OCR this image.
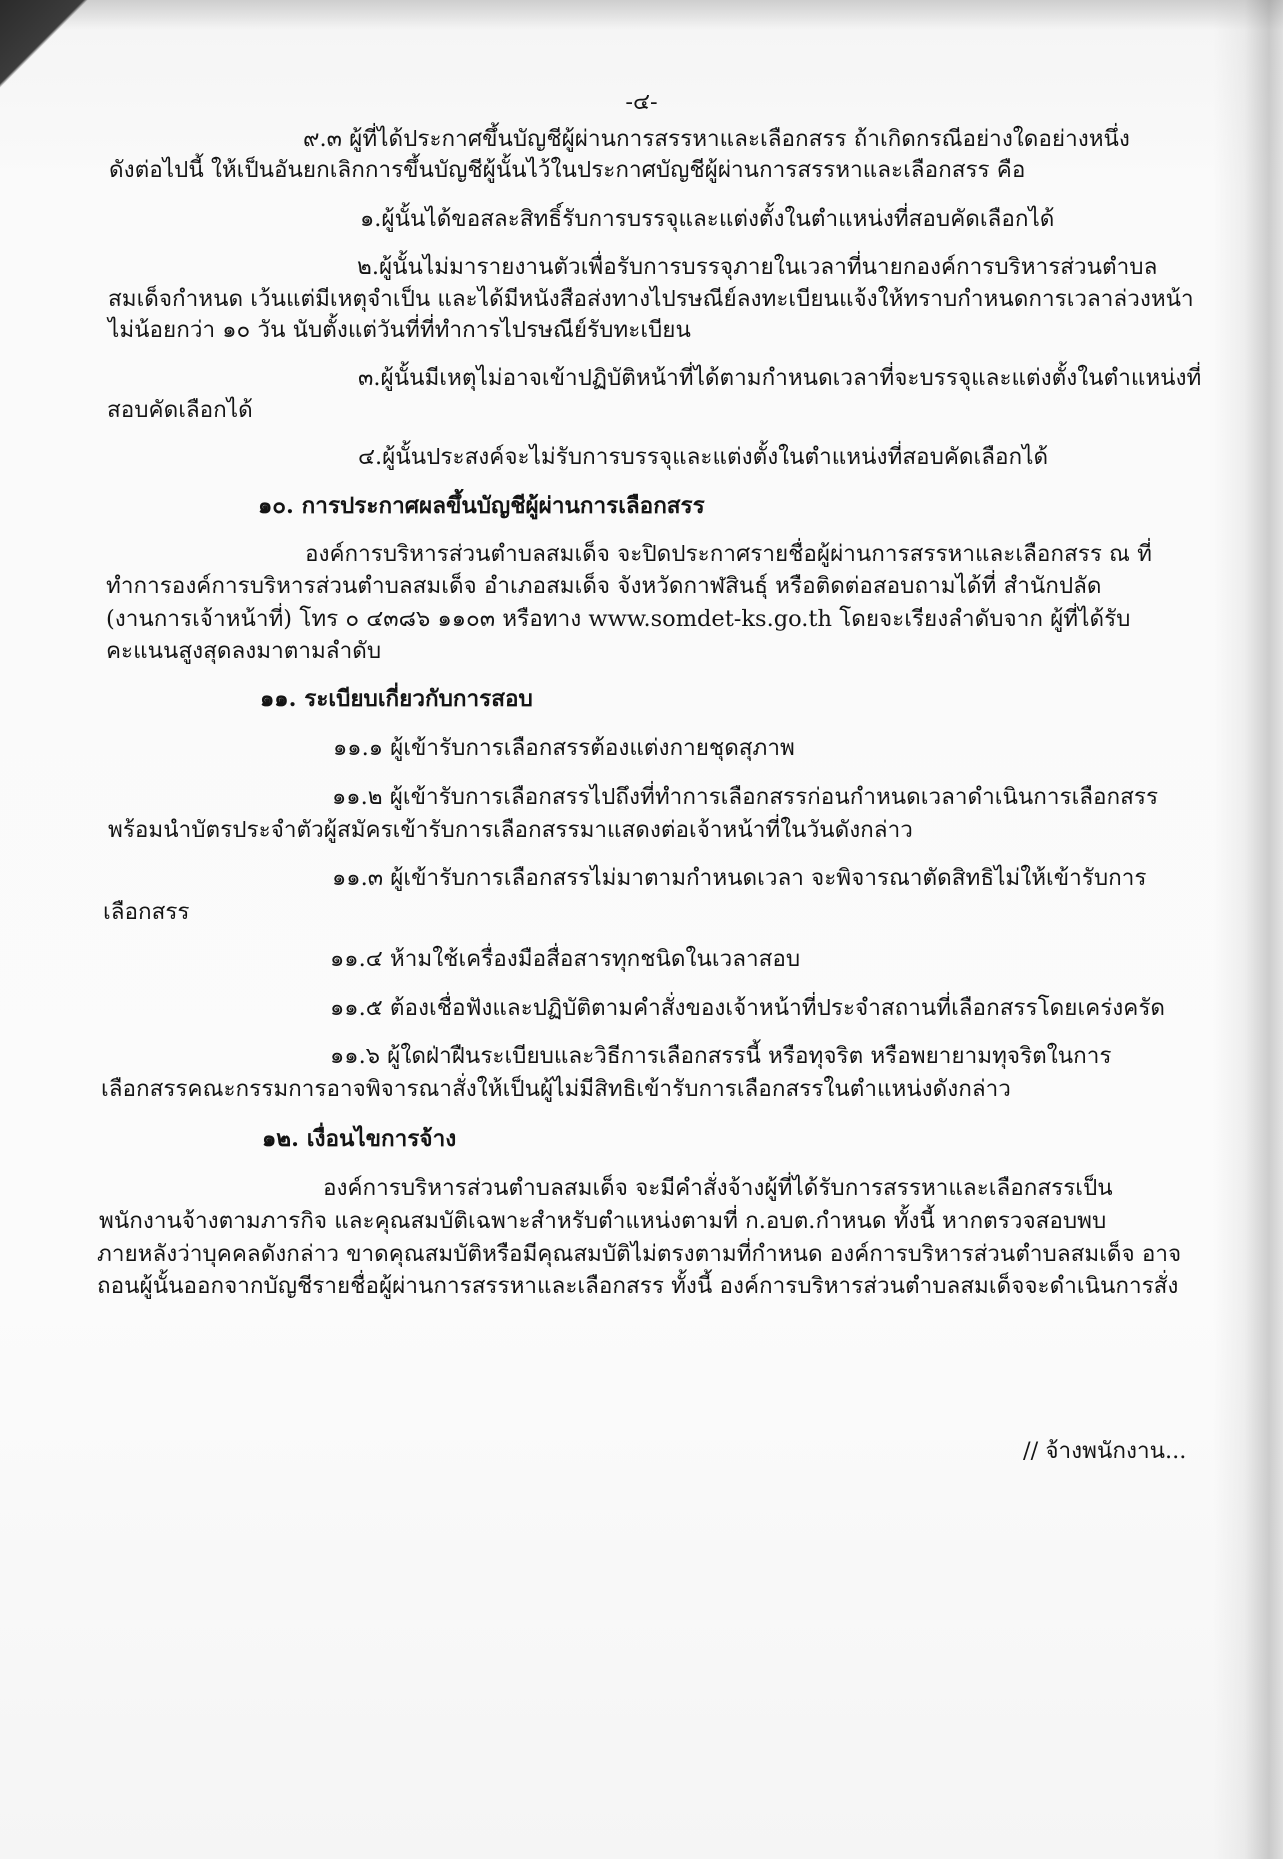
-๔-
๙.๓ ผู้ที่ได้ประกาศขึ้นบัญชีผู้ผ่านการสรรหาและเลือกสรร ถ้าเกิดกรณีอย่างใดอย่างหนึ่ง
ดังต่อไปนี้ ให้เป็นอันยกเลิกการขึ้นบัญชีผู้นั้นไว้ในประกาศบัญชีผู้ผ่านการสรรหาและเลือกสรร คือ
๑.ผู้นั้นได้ขอสละสิทธิ์รับการบรรจุและแต่งตั้งในตำแหน่งที่สอบคัดเลือกได้
๒.ผู้นั้นไม่มารายงานตัวเพื่อรับการบรรจุภายในเวลาที่นายกองค์การบริหารส่วนตำบล
สมเด็จกำหนด เว้นแต่มีเหตุจำเป็น และได้มีหนังสือส่งทางไปรษณีย์ลงทะเบียนแจ้งให้ทราบกำหนดการเวลาล่วงหน้า
ไม่น้อยกว่า ๑๐ วัน นับตั้งแต่วันที่ที่ทำการไปรษณีย์รับทะเบียน
๓.ผู้นั้นมีเหตุไม่อาจเข้าปฏิบัติหน้าที่ได้ตามกำหนดเวลาที่จะบรรจุและแต่งตั้งในตำแหน่งที่
สอบคัดเลือกได้
๔.ผู้นั้นประสงค์จะไม่รับการบรรจุและแต่งตั้งในตำแหน่งที่สอบคัดเลือกได้
๑๐. การประกาศผลขึ้นบัญชีผู้ผ่านการเลือกสรร
องค์การบริหารส่วนตำบลสมเด็จ จะปิดประกาศรายชื่อผู้ผ่านการสรรหาและเลือกสรร ณ ที่
ทำการองค์การบริหารส่วนตำบลสมเด็จ อำเภอสมเด็จ จังหวัดกาฬสินธุ์ หรือติดต่อสอบถามได้ที่ สำนักปลัด
(งานการเจ้าหน้าที่) โทร ๐ ๔๓๘๖ ๑๑๐๓ หรือทาง www.somdet-ks.go.th โดยจะเรียงลำดับจาก ผู้ที่ได้รับ
คะแนนสูงสุดลงมาตามลำดับ
๑๑. ระเบียบเกี่ยวกับการสอบ
๑๑.๑ ผู้เข้ารับการเลือกสรรต้องแต่งกายชุดสุภาพ
๑๑.๒ ผู้เข้ารับการเลือกสรรไปถึงที่ทำการเลือกสรรก่อนกำหนดเวลาดำเนินการเลือกสรร
พร้อมนำบัตรประจำตัวผู้สมัครเข้ารับการเลือกสรรมาแสดงต่อเจ้าหน้าที่ในวันดังกล่าว
๑๑.๓ ผู้เข้ารับการเลือกสรรไม่มาตามกำหนดเวลา จะพิจารณาตัดสิทธิไม่ให้เข้ารับการ
เลือกสรร
๑๑.๔ ห้ามใช้เครื่องมือสื่อสารทุกชนิดในเวลาสอบ
๑๑.๕ ต้องเชื่อฟังและปฏิบัติตามคำสั่งของเจ้าหน้าที่ประจำสถานที่เลือกสรรโดยเคร่งครัด
๑๑.๖ ผู้ใดฝ่าฝืนระเบียบและวิธีการเลือกสรรนี้ หรือทุจริต หรือพยายามทุจริตในการ
เลือกสรรคณะกรรมการอาจพิจารณาสั่งให้เป็นผู้ไม่มีสิทธิเข้ารับการเลือกสรรในตำแหน่งดังกล่าว
๑๒. เงื่อนไขการจ้าง
องค์การบริหารส่วนตำบลสมเด็จ จะมีคำสั่งจ้างผู้ที่ได้รับการสรรหาและเลือกสรรเป็น
พนักงานจ้างตามภารกิจ และคุณสมบัติเฉพาะสำหรับตำแหน่งตามที่ ก.อบต.กำหนด ทั้งนี้ หากตรวจสอบพบ
ภายหลังว่าบุคคลดังกล่าว ขาดคุณสมบัติหรือมีคุณสมบัติไม่ตรงตามที่กำหนด องค์การบริหารส่วนตำบลสมเด็จ อาจ
ถอนผู้นั้นออกจากบัญชีรายชื่อผู้ผ่านการสรรหาและเลือกสรร ทั้งนี้ องค์การบริหารส่วนตำบลสมเด็จจะดำเนินการสั่ง
// จ้างพนักงาน...
